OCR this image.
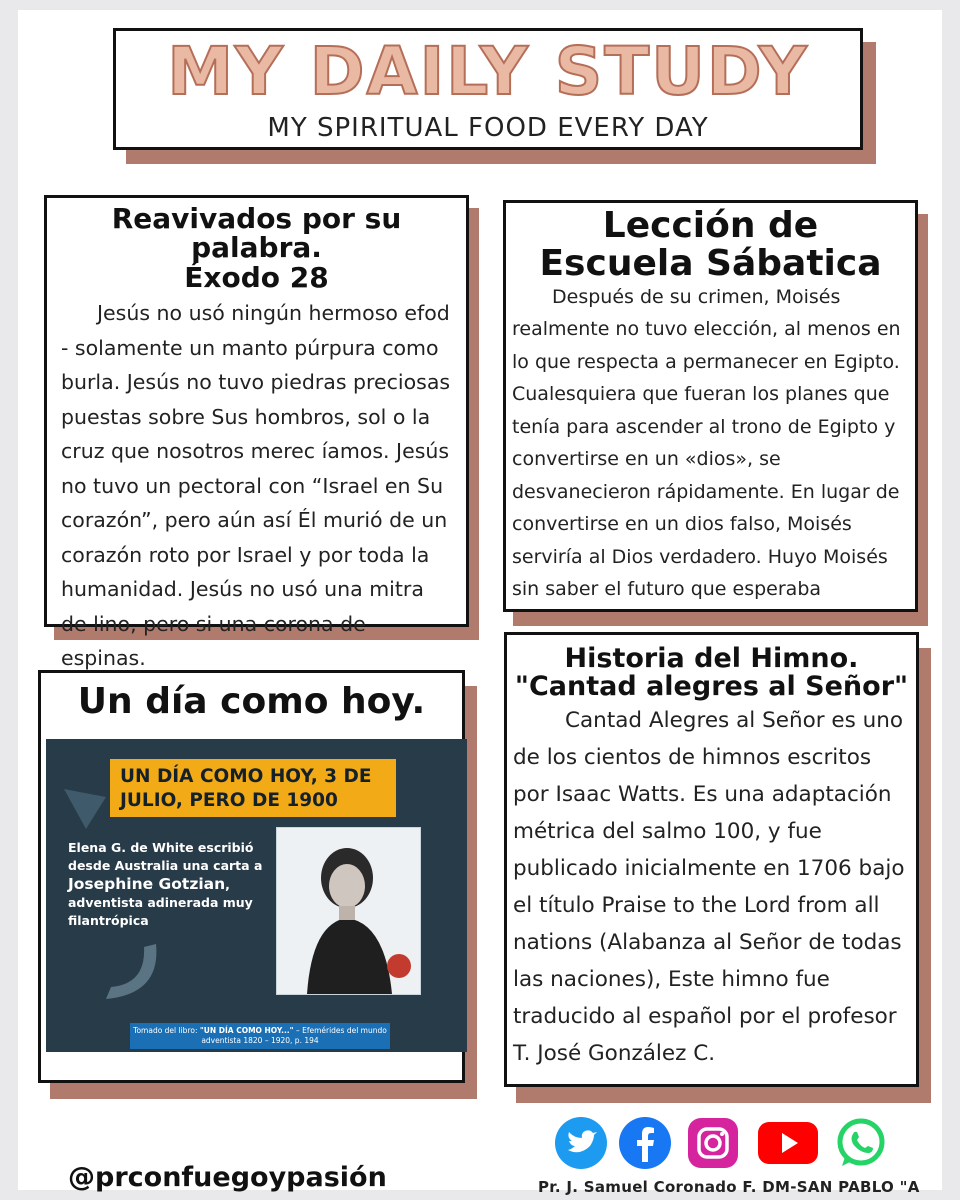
MY DAILY STUDY
MY SPIRITUAL FOOD EVERY DAY
Reavivados por su palabra.
Éxodo 28

Jesús no usó ningún hermoso efod - solamente un manto púrpura como burla. Jesús no tuvo piedras preciosas puestas sobre Sus hombros, sol o la cruz que nosotros merec íamos. Jesús no tuvo un pectoral con “Israel en Su corazón”, pero aún así Él murió de un corazón roto por Israel y por toda la humanidad. Jesús no usó una mitra de lino, pero si una corona de espinas.

Lección de
Escuela Sábatica

Después de su crimen, Moisés realmente no tuvo elección, al menos en lo que respecta a permanecer en Egipto. Cualesquiera que fueran los planes que tenía para ascender al trono de Egipto y convertirse en un «dios», se desvanecieron rápidamente. En lugar de convertirse en un dios falso, Moisés serviría al Dios verdadero. Huyo Moisés sin saber el futuro que esperaba

Un día como hoy.
UN DÍA COMO HOY, 3 DE JULIO, PERO DE 1900
Elena G. de White escribió desde Australia una carta a Josephine Gotzian, adventista adinerada muy filantrópica
Tomado del libro: "UN DÍA COMO HOY..." – Efemérides del mundo adventista 1820 – 1920, p. 194
Historia del Himno.
"Cantad alegres al Señor"

Cantad Alegres al Señor es uno de los cientos de himnos escritos por Isaac Watts. Es una adaptación métrica del salmo 100, y fue publicado inicialmente en 1706 bajo el título Praise to the Lord from all nations (Alabanza al Señor de todas las naciones), Este himno fue traducido al español por el profesor T. José González C.

@prconfuegoypasión	Pr. J. Samuel Coronado F. DM-SAN PABLO "A
